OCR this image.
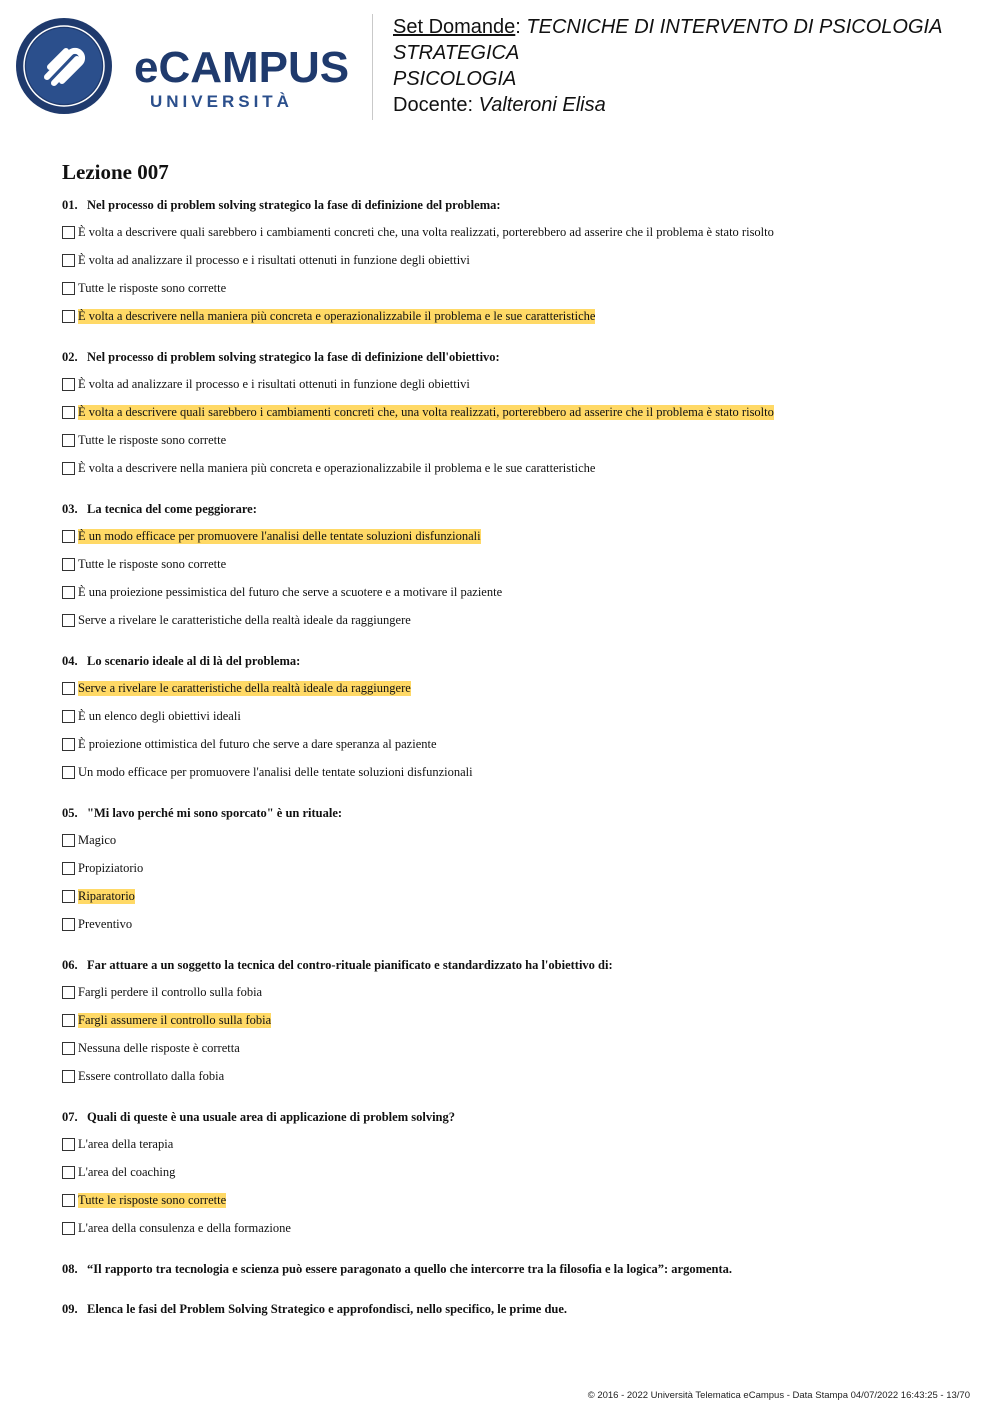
eCAMPUS
UNIVERSITÀ
Set Domande: TECNICHE DI INTERVENTO DI PSICOLOGIA
STRATEGICA
PSICOLOGIA
Docente: Valteroni Elisa
Lezione 007
01. Nel processo di problem solving strategico la fase di definizione del problema:
È volta a descrivere quali sarebbero i cambiamenti concreti che, una volta realizzati, porterebbero ad asserire che il problema è stato risolto
È volta ad analizzare il processo e i risultati ottenuti in funzione degli obiettivi
Tutte le risposte sono corrette
È volta a descrivere nella maniera più concreta e operazionalizzabile il problema e le sue caratteristiche
02. Nel processo di problem solving strategico la fase di definizione dell'obiettivo:
È volta ad analizzare il processo e i risultati ottenuti in funzione degli obiettivi
È volta a descrivere quali sarebbero i cambiamenti concreti che, una volta realizzati, porterebbero ad asserire che il problema è stato risolto
Tutte le risposte sono corrette
È volta a descrivere nella maniera più concreta e operazionalizzabile il problema e le sue caratteristiche
03. La tecnica del come peggiorare:
È un modo efficace per promuovere l'analisi delle tentate soluzioni disfunzionali
Tutte le risposte sono corrette
È una proiezione pessimistica del futuro che serve a scuotere e a motivare il paziente
Serve a rivelare le caratteristiche della realtà ideale da raggiungere
04. Lo scenario ideale al di là del problema:
Serve a rivelare le caratteristiche della realtà ideale da raggiungere
È un elenco degli obiettivi ideali
È proiezione ottimistica del futuro che serve a dare speranza al paziente
Un modo efficace per promuovere l'analisi delle tentate soluzioni disfunzionali
05. "Mi lavo perché mi sono sporcato" è un rituale:
Magico
Propiziatorio
Riparatorio
Preventivo
06. Far attuare a un soggetto la tecnica del contro-rituale pianificato e standardizzato ha l'obiettivo di:
Fargli perdere il controllo sulla fobia
Fargli assumere il controllo sulla fobia
Nessuna delle risposte è corretta
Essere controllato dalla fobia
07. Quali di queste è una usuale area di applicazione di problem solving?
L'area della terapia
L'area del coaching
Tutte le risposte sono corrette
L'area della consulenza e della formazione
08. “Il rapporto tra tecnologia e scienza può essere paragonato a quello che intercorre tra la filosofia e la logica”: argomenta.
09. Elenca le fasi del Problem Solving Strategico e approfondisci, nello specifico, le prime due.
© 2016 - 2022 Università Telematica eCampus - Data Stampa 04/07/2022 16:43:25 - 13/70
